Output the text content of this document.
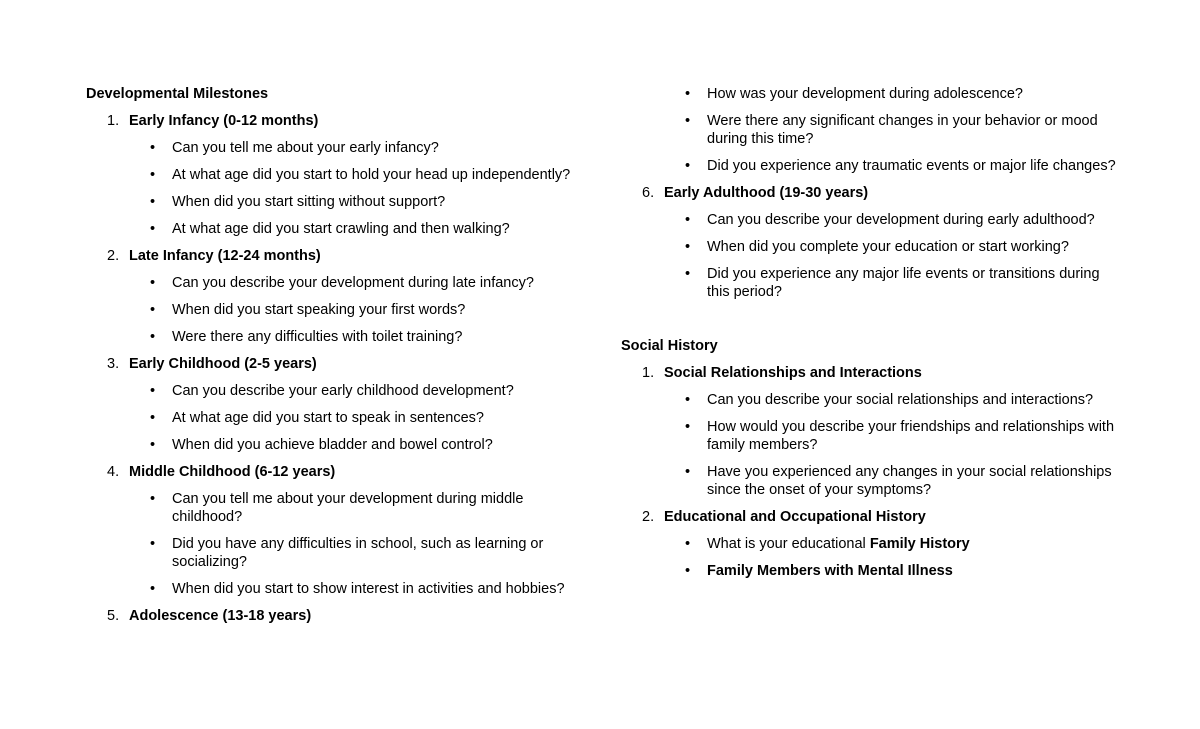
Developmental Milestones
1. Early Infancy (0-12 months)
• Can you tell me about your early infancy?
• At what age did you start to hold your head up independently?
• When did you start sitting without support?
• At what age did you start crawling and then walking?
2. Late Infancy (12-24 months)
• Can you describe your development during late infancy?
• When did you start speaking your first words?
• Were there any difficulties with toilet training?
3. Early Childhood (2-5 years)
• Can you describe your early childhood development?
• At what age did you start to speak in sentences?
• When did you achieve bladder and bowel control?
4. Middle Childhood (6-12 years)
• Can you tell me about your development during middle childhood?
• Did you have any difficulties in school, such as learning or socializing?
• When did you start to show interest in activities and hobbies?
5. Adolescence (13-18 years)
• How was your development during adolescence?
• Were there any significant changes in your behavior or mood during this time?
• Did you experience any traumatic events or major life changes?
6. Early Adulthood (19-30 years)
• Can you describe your development during early adulthood?
• When did you complete your education or start working?
• Did you experience any major life events or transitions during this period?
Social History
1. Social Relationships and Interactions
• Can you describe your social relationships and interactions?
• How would you describe your friendships and relationships with family members?
• Have you experienced any changes in your social relationships since the onset of your symptoms?
2. Educational and Occupational History
• What is your educational Family History
• Family Members with Mental Illness
